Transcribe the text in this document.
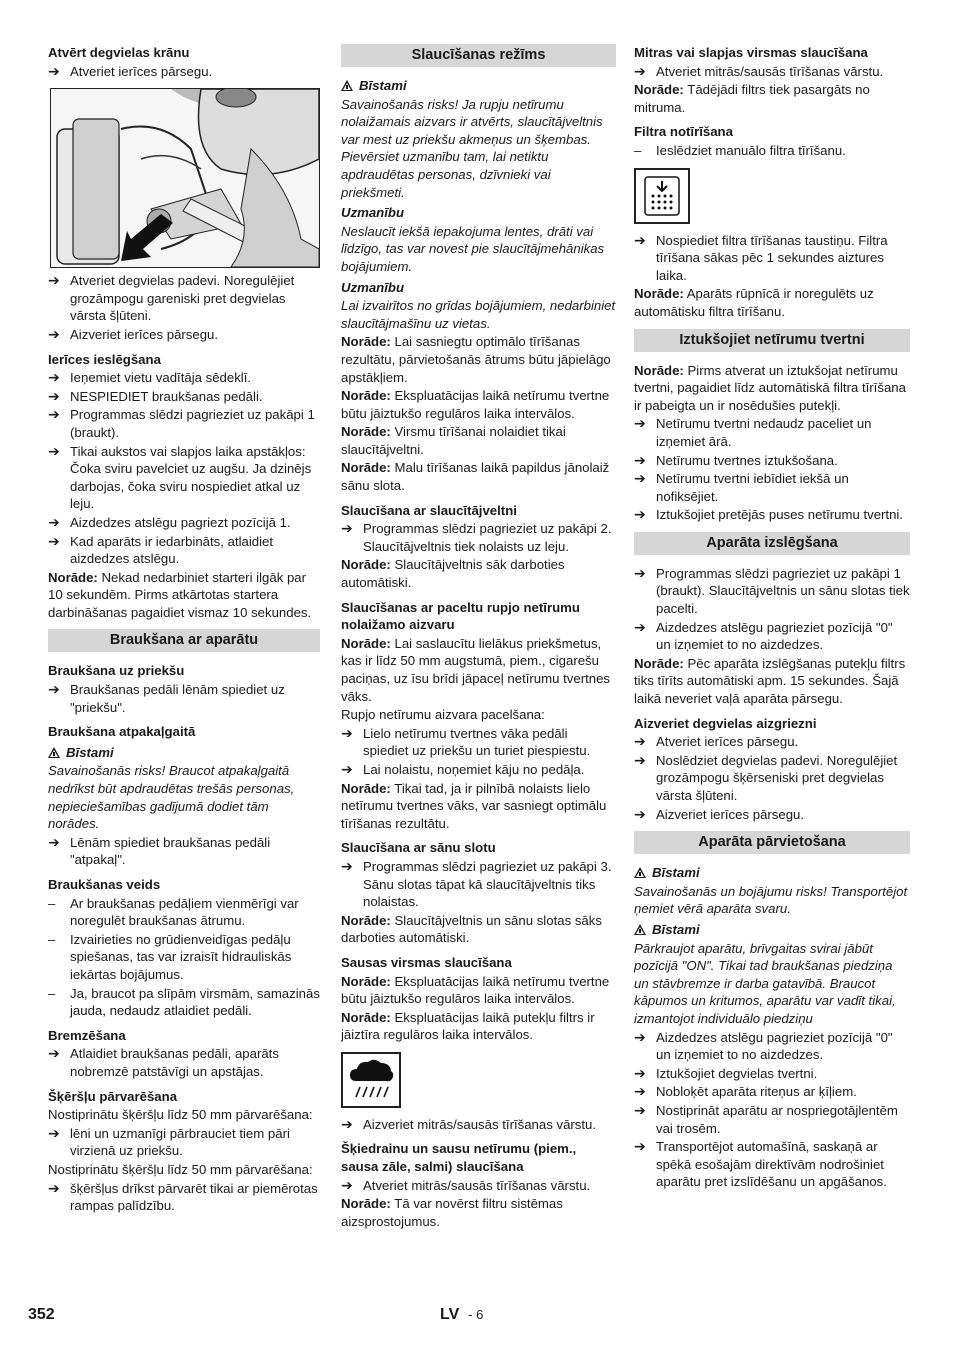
Atvērt degvielas krānu
➔ Atveriet ierīces pārsegu.
➔ Atveriet degvielas padevi. Noregulējiet grozāmpogu gareniski pret degvielas vārsta šļūteni.
➔ Aizveriet ierīces pārsegu.
Ierīces ieslēgšana
➔ Ieņemiet vietu vadītāja sēdeklī.
➔ NESPIEDIET braukšanas pedāli.
➔ Programmas slēdzi pagrieziet uz pakāpi 1 (braukt).
➔ Tikai aukstos vai slapjos laika apstākļos: Čoka sviru pavelciet uz augšu. Ja dzinējs darbojas, čoka sviru nospiediet atkal uz leju.
➔ Aizdedzes atslēgu pagriezt pozīcijā 1.
➔ Kad aparāts ir iedarbināts, atlaidiet aizdedzes atslēgu.
Norāde: Nekad nedarbiniet starteri ilgāk par 10 sekundēm. Pirms atkārtotas startera darbināšanas pagaidiet vismaz 10 sekundes.
Braukšana ar aparātu
Braukšana uz priekšu
➔ Braukšanas pedāli lēnām spiediet uz "priekšu".
Braukšana atpakaļgaitā
Bīstami
Savainošanās risks! Braucot atpakaļgaitā nedrīkst būt apdraudētas trešās personas, nepieciešamības gadījumā dodiet tām norādes.
➔ Lēnām spiediet braukšanas pedāli "atpakaļ".
Braukšanas veids
–	Ar braukšanas pedāļiem vienmērīgi var noregulēt braukšanas ātrumu.
–	Izvairieties no grūdienveidīgas pedāļu spiešanas, tas var izraisīt hidrauliskās iekārtas bojājumus.
–	Ja, braucot pa slīpām virsmām, samazinās jauda, nedaudz atlaidiet pedāli.
Bremzēšana
➔ Atlaidiet braukšanas pedāli, aparāts nobremzē patstāvīgi un apstājas.
Šķēršļu pārvarēšana
Nostiprinātu šķēršļu līdz 50 mm pārvarēšana:
➔ lēni un uzmanīgi pārbrauciet tiem pāri virzienā uz priekšu.
Nostiprinātu šķēršļu līdz 50 mm pārvarēšana:
➔ šķēršļus drīkst pārvarēt tikai ar piemērotas rampas palīdzību.
Slaucīšanas režīms
Bīstami
Savainošanās risks! Ja rupju netīrumu nolaižamais aizvars ir atvērts, slaucītājveltnis var mest uz priekšu akmeņus un šķembas. Pievērsiet uzmanību tam, lai netiktu apdraudētas personas, dzīvnieki vai priekšmeti.
Uzmanību
Neslaucīt iekšā iepakojuma lentes, drāti vai līdzīgo, tas var novest pie slaucītājmehānikas bojājumiem.
Uzmanību
Lai izvairītos no grīdas bojājumiem, nedarbiniet slaucītājmašīnu uz vietas.
Norāde: Lai sasniegtu optimālo tīrīšanas rezultātu, pārvietošanās ātrums būtu jāpielāgo apstākļiem.
Norāde: Ekspluatācijas laikā netīrumu tvertne būtu jāiztukšo regulāros laika intervālos.
Norāde: Virsmu tīrīšanai nolaidiet tikai slaucītājveltni.
Norāde: Malu tīrīšanas laikā papildus jānolaiž sānu slota.
Slaucīšana ar slaucītājveltni
➔ Programmas slēdzi pagrieziet uz pakāpi 2. Slaucītājveltnis tiek nolaists uz leju.
Norāde: Slaucītājveltnis sāk darboties automātiski.
Slaucīšanas ar paceltu rupjo netīrumu nolaižamo aizvaru
Norāde: Lai saslaucītu lielākus priekšmetus, kas ir līdz 50 mm augstumā, piem., cigarešu paciņas, uz īsu brīdi jāpaceļ netīrumu tvertnes vāks.
Rupjo netīrumu aizvara pacelšana:
➔ Lielo netīrumu tvertnes vāka pedāli spiediet uz priekšu un turiet piespiestu.
➔ Lai nolaistu, noņemiet kāju no pedāļa.
Norāde: Tikai tad, ja ir pilnībā nolaists lielo netīrumu tvertnes vāks, var sasniegt optimālu tīrīšanas rezultātu.
Slaucīšana ar sānu slotu
➔ Programmas slēdzi pagrieziet uz pakāpi 3. Sānu slotas tāpat kā slaucītājveltnis tiks nolaistas.
Norāde: Slaucītājveltnis un sānu slotas sāks darboties automātiski.
Sausas virsmas slaucīšana
Norāde: Ekspluatācijas laikā netīrumu tvertne būtu jāiztukšo regulāros laika intervālos.
Norāde: Ekspluatācijas laikā putekļu filtrs ir jāiztīra regulāros laika intervālos.
➔ Aizveriet mitrās/sausās tīrīšanas vārstu.
Šķiedrainu un sausu netīrumu (piem., sausa zāle, salmi) slaucīšana
➔ Atveriet mitrās/sausās tīrīšanas vārstu.
Norāde: Tā var novērst filtru sistēmas aizsprostojumus.
Mitras vai slapjas virsmas slaucīšana
➔ Atveriet mitrās/sausās tīrīšanas vārstu.
Norāde: Tādējādi filtrs tiek pasargāts no mitruma.
Filtra notīrīšana
–	Ieslēdziet manuālo filtra tīrīšanu.
➔ Nospiediet filtra tīrīšanas taustiņu. Filtra tīrīšana sākas pēc 1 sekundes aiztures laika.
Norāde: Aparāts rūpnīcā ir noregulēts uz automātisku filtra tīrīšanu.
Iztukšojiet netīrumu tvertni
Norāde: Pirms atverat un iztukšojat netīrumu tvertni, pagaidiet līdz automātiskā filtra tīrīšana ir pabeigta un ir nosēdušies putekļi.
➔ Netīrumu tvertni nedaudz paceliet un izņemiet ārā.
➔ Netīrumu tvertnes iztukšošana.
➔ Netīrumu tvertni iebīdiet iekšā un nofiksējiet.
➔ Iztukšojiet pretējās puses netīrumu tvertni.
Aparāta izslēgšana
➔ Programmas slēdzi pagrieziet uz pakāpi 1 (braukt). Slaucītājveltnis un sānu slotas tiek pacelti.
➔ Aizdedzes atslēgu pagrieziet pozīcijā "0" un izņemiet to no aizdedzes.
Norāde: Pēc aparāta izslēgšanas putekļu filtrs tiks tīrīts automātiski apm. 15 sekundes. Šajā laikā neveriet vaļā aparāta pārsegu.
Aizveriet degvielas aizgriezni
➔ Atveriet ierīces pārsegu.
➔ Noslēdziet degvielas padevi. Noregulējiet grozāmpogu šķērseniski pret degvielas vārsta šļūteni.
➔ Aizveriet ierīces pārsegu.
Aparāta pārvietošana
Bīstami
Savainošanās un bojājumu risks! Transportējot ņemiet vērā aparāta svaru.
Bīstami
Pārkraujot aparātu, brīvgaitas svirai jābūt pozīcijā "ON". Tikai tad braukšanas piedziņa un stāvbremze ir darba gatavībā. Braucot kāpumos un kritumos, aparātu var vadīt tikai, izmantojot individuālo piedziņu
➔ Aizdedzes atslēgu pagrieziet pozīcijā "0" un izņemiet to no aizdedzes.
➔ Iztukšojiet degvielas tvertni.
➔ Nobloķēt aparāta riteņus ar ķīļiem.
➔ Nostiprināt aparātu ar nospriegotājlentēm vai trosēm.
➔ Transportējot automašīnā, saskaņā ar spēkā esošajām direktīvām nodrošiniet aparātu pret izslīdēšanu un apgāšanos.
352	LV - 6
